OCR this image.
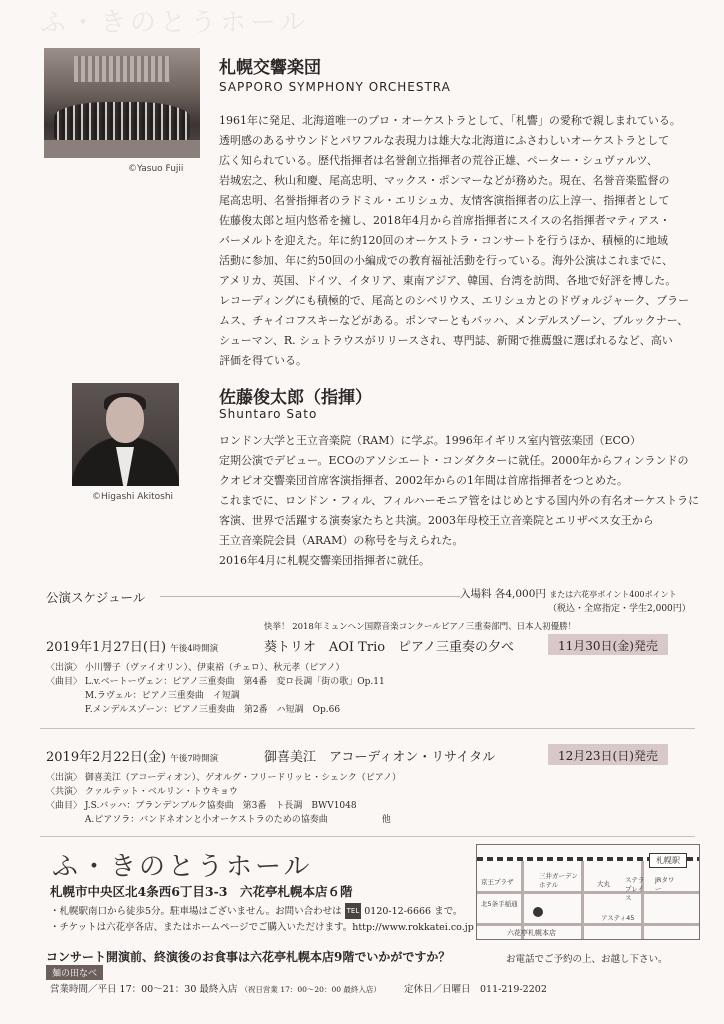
ふ・きのとうホール
©Yasuo Fujii
札幌交響楽団
SAPPORO SYMPHONY ORCHESTRA
1961年に発足、北海道唯一のプロ・オーケストラとして、「札響」の愛称で親しまれている。
透明感のあるサウンドとパワフルな表現力は雄大な北海道にふさわしいオーケストラとして
広く知られている。歴代指揮者は名誉創立指揮者の荒谷正雄、ペーター・シュヴァルツ、
岩城宏之、秋山和慶、尾高忠明、マックス・ポンマーなどが務めた。現在、名誉音楽監督の
尾高忠明、名誉指揮者のラドミル・エリシュカ、友情客演指揮者の広上淳一、指揮者として
佐藤俊太郎と垣内悠希を擁し、2018年4月から首席指揮者にスイスの名指揮者マティアス・
バーメルトを迎えた。年に約120回のオーケストラ・コンサートを行うほか、積極的に地域
活動に参加、年に約50回の小編成での教育福祉活動を行っている。海外公演はこれまでに、
アメリカ、英国、ドイツ、イタリア、東南アジア、韓国、台湾を訪問、各地で好評を博した。
レコーディングにも積極的で、尾高とのシベリウス、エリシュカとのドヴォルジャーク、ブラー
ムス、チャイコフスキーなどがある。ポンマーともバッハ、メンデルスゾーン、ブルックナー、
シューマン、R. シュトラウスがリリースされ、専門誌、新聞で推薦盤に選ばれるなど、高い
評価を得ている。
©Higashi Akitoshi
佐藤俊太郎（指揮）
Shuntaro Sato
ロンドン大学と王立音楽院（RAM）に学ぶ。1996年イギリス室内管弦楽団（ECO）
定期公演でデビュー。ECOのアソシエート・コンダクターに就任。2000年からフィンランドの
クオピオ交響楽団首席客演指揮者、2002年からの1年間は首席指揮者をつとめた。
これまでに、ロンドン・フィル、フィルハーモニア管をはじめとする国内外の有名オーケストラに
客演、世界で活躍する演奏家たちと共演。2003年母校王立音楽院とエリザベス女王から
王立音楽院会員（ARAM）の称号を与えられた。
2016年4月に札幌交響楽団指揮者に就任。
公演スケジュール	入場料 各4,000円 または六花亭ポイント400ポイント
（税込・全席指定・学生2,000円）
快挙！ 2018年ミュンヘン国際音楽コンクールピアノ三重奏部門、日本人初優勝！
2019年1月27日(日) 午後4時開演	葵トリオ　AOI Trio　ピアノ三重奏の夕べ	11月30日(金)発売
〈出演〉 小川響子（ヴァイオリン）、伊東裕（チェロ）、秋元孝（ピアノ）
〈曲目〉 L.v.ベートーヴェン：ピアノ三重奏曲　第4番　変ロ長調「街の歌」Op.11
　　　　 M.ラヴェル：ピアノ三重奏曲　イ短調
　　　　 F.メンデルスゾーン：ピアノ三重奏曲　第2番　ハ短調　Op.66
2019年2月22日(金) 午後7時開演	御喜美江　アコーディオン・リサイタル	12月23日(日)発売
〈出演〉 御喜美江（アコーディオン）、ゲオルグ・フリードリッヒ・シェンク（ピアノ）
〈共演〉 クァルテット・ベルリン・トウキョウ
〈曲目〉 J.S.バッハ：ブランデンブルク協奏曲　第3番　ト長調　BWV1048
　　　　 A.ピアソラ：バンドネオンと小オーケストラのための協奏曲　　　　　　他
ふ・きのとうホール
札幌市中央区北4条西6丁目3-3　六花亭札幌本店６階
・札幌駅南口から徒歩5分。駐車場はございません。お問い合わせは TEL 0120-12-6666 まで。
・チケットは六花亭各店、またはホームページでご購入いただけます。http://www.rokkatei.co.jp
札幌駅
京王プラザ
三井ガーデンホテル	大丸 ステラプレイス
JRタワー
北5条手稲通
アスティ45
六花亭札幌本店
コンサート開演前、終演後のお食事は六花亭札幌本店9階でいかがですか？	お電話でご予約の上、お越し下さい。
麺の田なべ
営業時間／平日 17：00～21：30 最終入店 （祝日営業 17：00～20：00 最終入店） 定休日／日曜日　011-219-2202
